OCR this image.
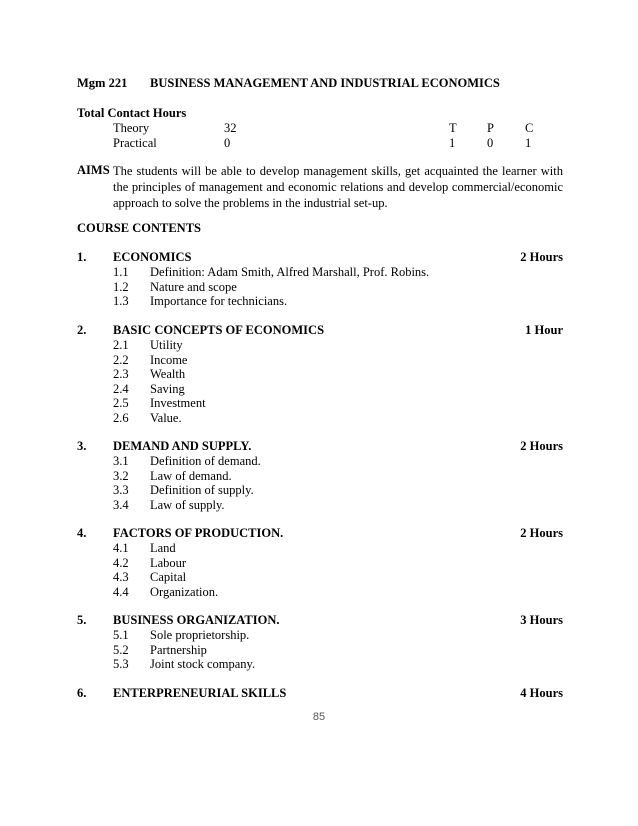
Mgm 221 BUSINESS MANAGEMENT AND INDUSTRIAL ECONOMICS
Total Contact Hours
Theory	32	T P C
Practical	0	1	0	1
AIMS The students will be able to develop management skills, get acquainted the learner with the principles of management and economic relations and develop commercial/economic approach to solve the problems in the industrial set-up.
COURSE CONTENTS
1. ECONOMICS	2 Hours
1.1 Definition: Adam Smith, Alfred Marshall, Prof. Robins.
1.2 Nature and scope
1.3 Importance for technicians.
2. BASIC CONCEPTS OF ECONOMICS	1 Hour
2.1 Utility
2.2 Income
2.3 Wealth
2.4 Saving
2.5 Investment
2.6 Value.
3. DEMAND AND SUPPLY.	2 Hours
3.1 Definition of demand.
3.2 Law of demand.
3.3 Definition of supply.
3.4 Law of supply.
4. FACTORS OF PRODUCTION.	2 Hours
4.1 Land
4.2 Labour
4.3 Capital
4.4 Organization.
5. BUSINESS ORGANIZATION.	3 Hours
5.1 Sole proprietorship.
5.2 Partnership
5.3 Joint stock company.
6. ENTERPRENEURIAL SKILLS	4 Hours
85
